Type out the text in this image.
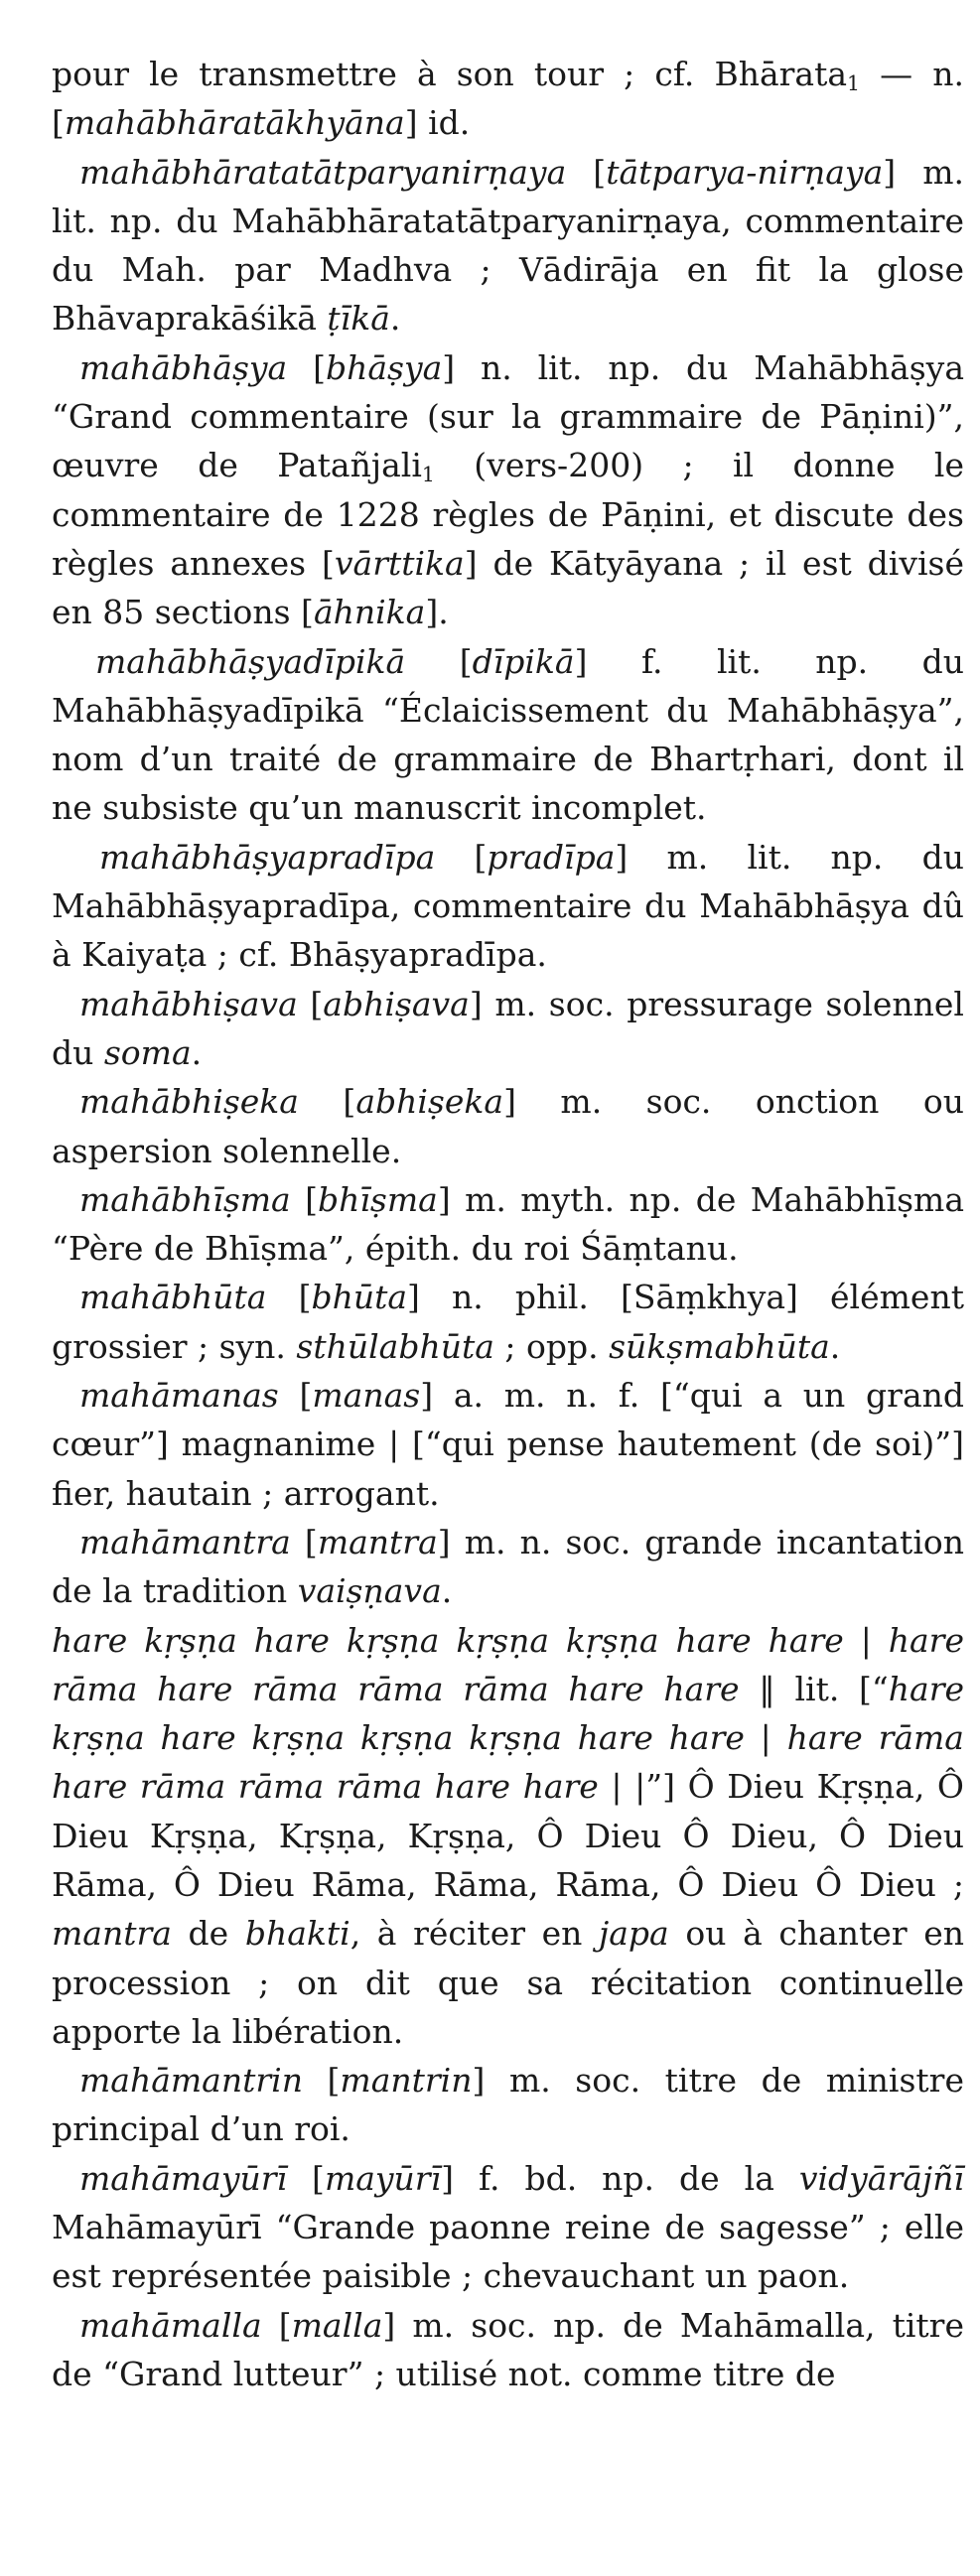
pour le transmettre à son tour ; cf. Bhārata$_1$ — n. [mahābhāratākhyāna] id.

mahābhāratatātparyanirṇaya [tātparya-nirṇaya] m. lit. np. du Mahābhāratatātparyanirṇaya, commentaire du Mah. par Madhva ; Vādirāja en fit la glose Bhāvaprakāśikā ṭīkā.

mahābhāṣya [bhāṣya] n. lit. np. du Mahābhāṣya “Grand commentaire (sur la grammaire de Pāṇini)”, œuvre de Patañjali$_1$ (vers-200) ; il donne le commentaire de 1228 règles de Pāṇini, et discute des règles annexes [vārttika] de Kātyāyana ; il est divisé en 85 sections [āhnika].

mahābhāṣyadīpikā [dīpikā] f. lit. np. du Mahābhāṣyadīpikā “Éclaicissement du Mahābhāṣya”, nom d’un traité de grammaire de Bhartṛhari, dont il ne subsiste qu’un manuscrit incomplet.

mahābhāṣyapradīpa [pradīpa] m. lit. np. du Mahābhāṣyapradīpa, commentaire du Mahābhāṣya dû à Kaiyaṭa ; cf. Bhāṣyapradīpa.

mahābhiṣava [abhiṣava] m. soc. pressurage solennel du soma.

mahābhiṣeka [abhiṣeka] m. soc. onction ou aspersion solennelle.

mahābhīṣma [bhīṣma] m. myth. np. de Mahābhīṣma “Père de Bhīṣma”, épith. du roi Śāṃtanu.

mahābhūta [bhūta] n. phil. [Sāṃkhya] élément grossier ; syn. sthūlabhūta ; opp. sūkṣmabhūta.

mahāmanas [manas] a. m. n. f. [“qui a un grand cœur”] magnanime | [“qui pense hautement (de soi)”] fier, hautain ; arrogant.

mahāmantra [mantra] m. n. soc. grande incantation de la tradition vaiṣṇava.

hare kṛṣṇa hare kṛṣṇa kṛṣṇa kṛṣṇa hare hare | hare rāma hare rāma rāma rāma hare hare ‖ lit. [“hare kṛṣṇa hare kṛṣṇa kṛṣṇa kṛṣṇa hare hare | hare rāma hare rāma rāma rāma hare hare | |”] Ô Dieu Kṛṣṇa, Ô Dieu Kṛṣṇa, Kṛṣṇa, Kṛṣṇa, Ô Dieu Ô Dieu, Ô Dieu Rāma, Ô Dieu Rāma, Rāma, Rāma, Ô Dieu Ô Dieu ; mantra de bhakti, à réciter en japa ou à chanter en procession ; on dit que sa récitation continuelle apporte la libération.

mahāmantrin [mantrin] m. soc. titre de ministre principal d’un roi.

mahāmayūrī [mayūrī] f. bd. np. de la vidyārājñī Mahāmayūrī “Grande paonne reine de sagesse” ; elle est représentée paisible ; chevauchant un paon.

mahāmalla [malla] m. soc. np. de Mahāmalla, titre de “Grand lutteur” ; utilisé not. comme titre de
